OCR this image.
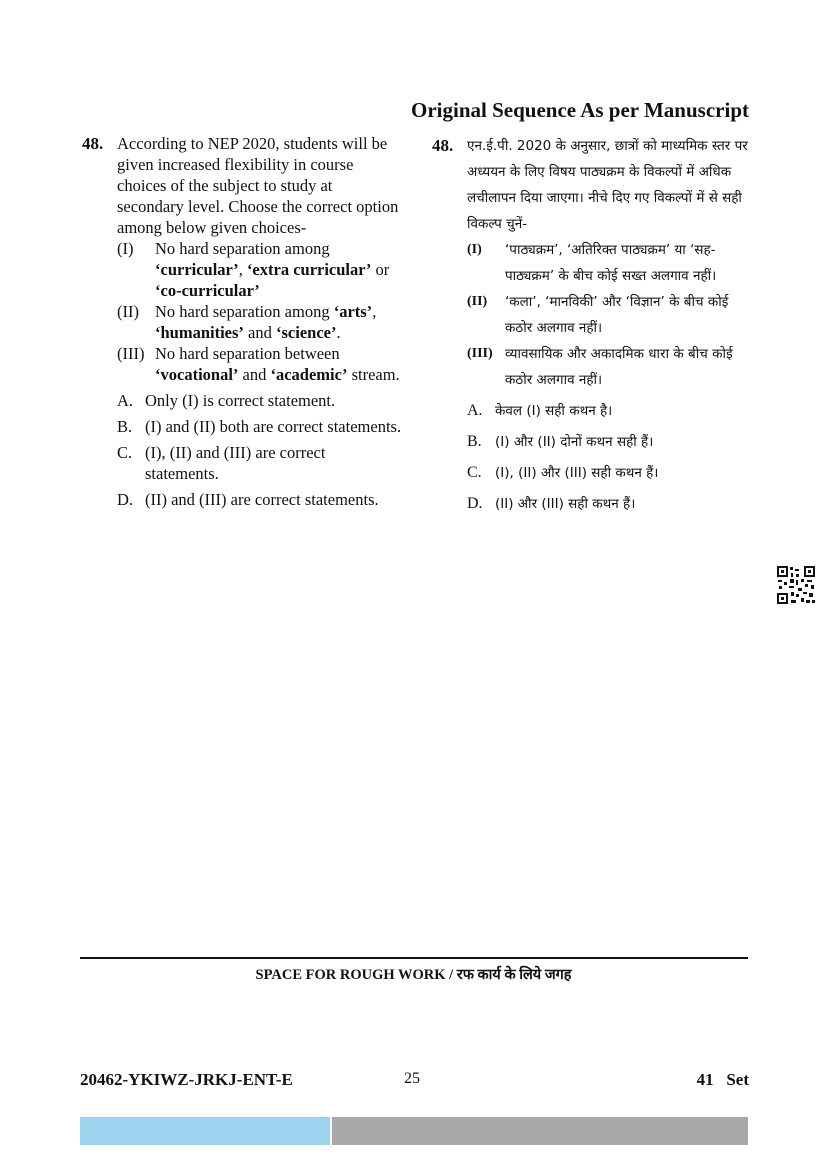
Original Sequence As per Manuscript
48. According to NEP 2020, students will be given increased flexibility in course choices of the subject to study at secondary level. Choose the correct option among below given choices-
(I)	No hard separation among ‘curricular’, ‘extra curricular’ or ‘co-curricular’
(II) No hard separation among ‘arts’, ‘humanities’ and ‘science’.
(III) No hard separation between ‘vocational’ and ‘academic’ stream.
A. Only (I) is correct statement.
B. (I) and (II) both are correct statements.
C. (I), (II) and (III) are correct statements.
D. (II) and (III) are correct statements.
48. एन.ई.पी. 2020 के अनुसार, छात्रों को माध्यमिक स्तर पर अध्ययन के लिए विषय पाठ्यक्रम के विकल्पों में अधिक लचीलापन दिया जाएगा। नीचे दिए गए विकल्पों में से सही विकल्प चुनें-
(I)	‘पाठ्यक्रम’, ‘अतिरिक्त पाठ्यक्रम’ या ‘सह-पाठ्यक्रम’ के बीच कोई सख्त अलगाव नहीं।
(II)	‘कला’, ‘मानविकी’ और ‘विज्ञान’ के बीच कोई कठोर अलगाव नहीं।
(III) व्यावसायिक और अकादमिक धारा के बीच कोई कठोर अलगाव नहीं।
A. केवल (I) सही कथन है।
B. (I) और (II) दोनों कथन सही हैं।
C. (I), (II) और (III) सही कथन हैं।
D. (II) और (III) सही कथन हैं।
SPACE FOR ROUGH WORK / रफ कार्य के लिये जगह
20462-YKIWZ-JRKJ-ENT-E	25	41   Set
